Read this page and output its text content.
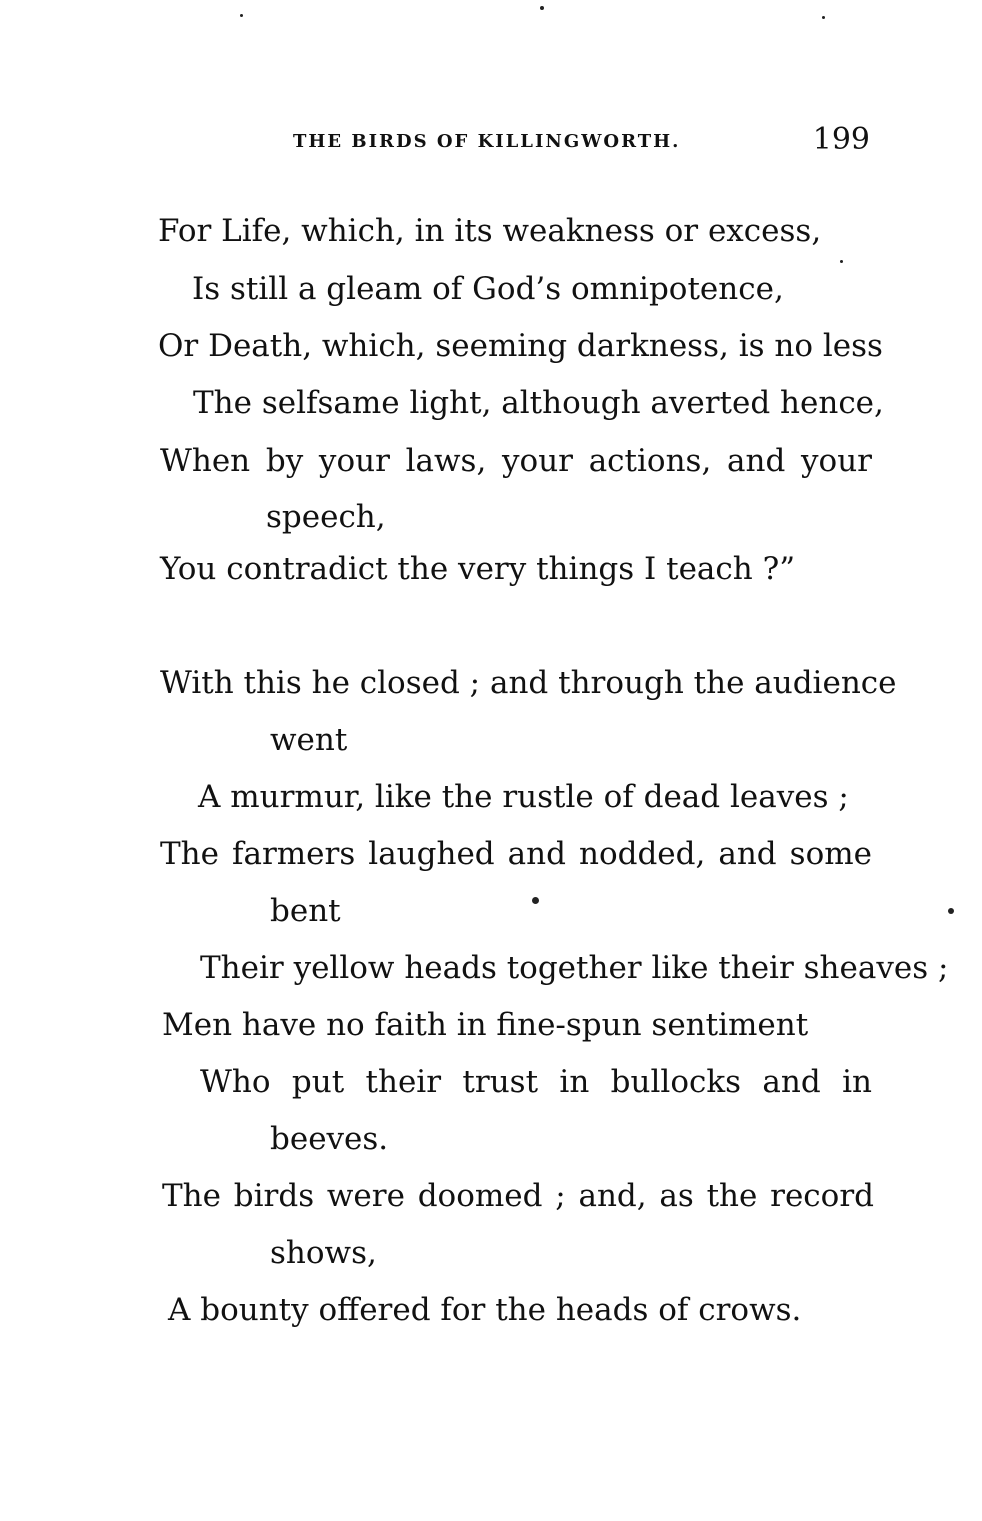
THE BIRDS OF KILLINGWORTH.	199
For Life, which, in its weakness or excess,
Is still a gleam of God’s omnipotence,
Or Death, which, seeming darkness, is no less
The selfsame light, although averted hence,
When by your laws, your actions, and your
speech,
You contradict the very things I teach ?”
With this he closed ; and through the audience
went
A murmur, like the rustle of dead leaves ;
The farmers laughed and nodded, and some
bent
Their yellow heads together like their sheaves ;
Men have no faith in fine-spun sentiment
Who put their trust in bullocks and in
beeves.
The birds were doomed ; and, as the record
shows,
A bounty offered for the heads of crows.
